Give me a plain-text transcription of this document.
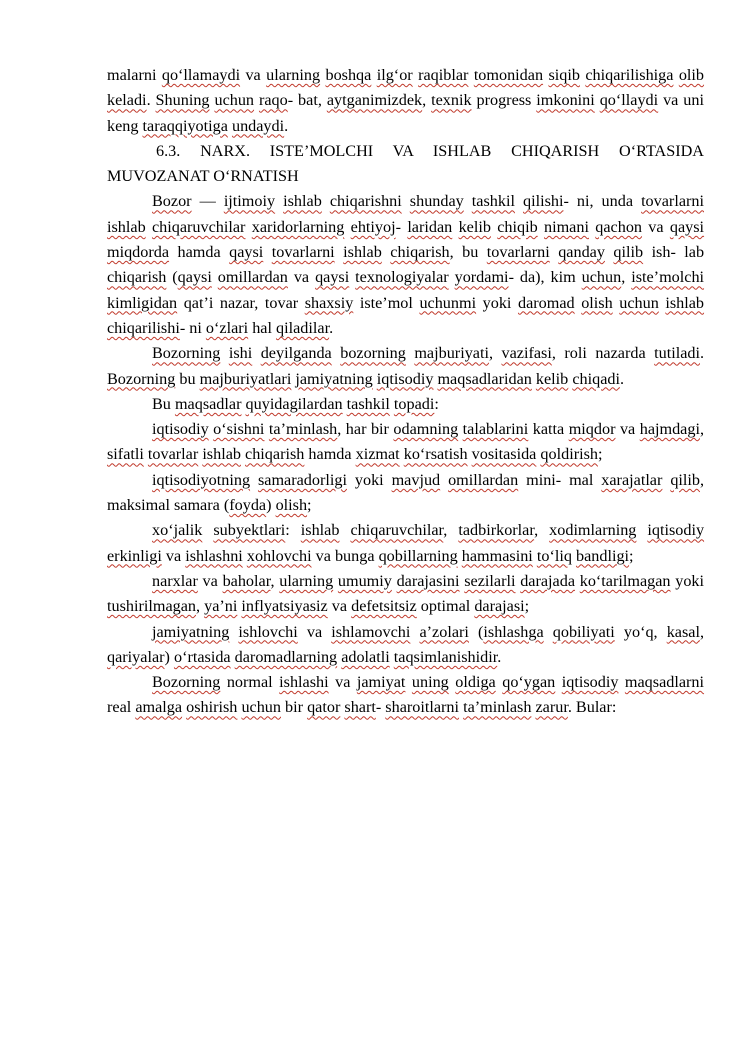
malarni qo‘llamaydi va ularning boshqa ilg‘or raqiblar tomonidan siqib chiqarilishiga olib keladi. Shuning uchun raqo- bat, aytganimizdek, texnik progress imkonini qo‘llaydi va uni keng taraqqiyotiga undaydi.

6.3. NARX. ISTE’MOLCHI VA ISHLAB CHIQARISH O‘RTASIDA MUVOZANAT O‘RNATISH

Bozor — ijtimoiy ishlab chiqarishni shunday tashkil qilishi- ni, unda tovarlarni ishlab chiqaruvchilar xaridorlarning ehtiyoj- laridan kelib chiqib nimani qachon va qaysi miqdorda hamda qaysi tovarlarni ishlab chiqarish, bu tovarlarni qanday qilib ish- lab chiqarish (qaysi omillardan va qaysi texnologiyalar yordami- da), kim uchun, iste’molchi kimligidan qat’i nazar, tovar shaxsiy iste’mol uchunmi yoki daromad olish uchun ishlab chiqarilishi- ni o‘zlari hal qiladilar.

Bozorning ishi deyilganda bozorning majburiyati, vazifasi, roli nazarda tutiladi. Bozorning bu majburiyatlari jamiyatning iqtisodiy maqsadlaridan kelib chiqadi.

Bu maqsadlar quyidagilardan tashkil topadi:

iqtisodiy o‘sishni ta’minlash, har bir odamning talablarini katta miqdor va hajmdagi, sifatli tovarlar ishlab chiqarish hamda xizmat ko‘rsatish vositasida qoldirish;

iqtisodiyotning samaradorligi yoki mavjud omillardan mini- mal xarajatlar qilib, maksimal samara (foyda) olish;

xo‘jalik subyektlari: ishlab chiqaruvchilar, tadbirkorlar, xodimlarning iqtisodiy erkinligi va ishlashni xohlovchi va bunga qobillarning hammasini to‘liq bandligi;

narxlar va baholar, ularning umumiy darajasini sezilarli darajada ko‘tarilmagan yoki tushirilmagan, ya’ni inflyatsiyasiz va defetsitsiz optimal darajasi;

jamiyatning ishlovchi va ishlamovchi a’zolari (ishlashga qobiliyati yo‘q, kasal, qariyalar) o‘rtasida daromadlarning adolatli taqsimlanishidir.

Bozorning normal ishlashi va jamiyat uning oldiga qo‘ygan iqtisodiy maqsadlarni real amalga oshirish uchun bir qator shart- sharoitlarni ta’minlash zarur. Bular:
